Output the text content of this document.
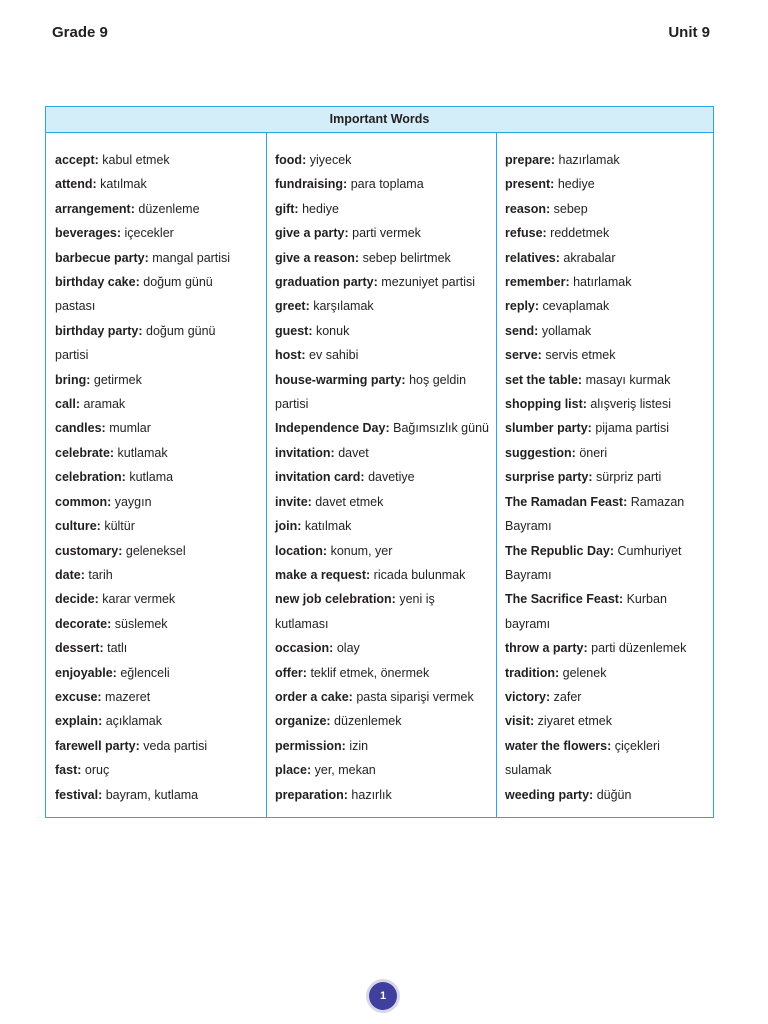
Grade 9	Unit 9
Important Words
accept: kabul etmek
attend: katılmak
arrangement: düzenleme
beverages: içecekler
barbecue party: mangal partisi
birthday cake: doğum günü
pastası
birthday party: doğum günü
partisi
bring: getirmek
call: aramak
candles: mumlar
celebrate: kutlamak
celebration: kutlama
common: yaygın
culture: kültür
customary: geleneksel
date: tarih
decide: karar vermek
decorate: süslemek
dessert: tatlı
enjoyable: eğlenceli
excuse: mazeret
explain: açıklamak
farewell party: veda partisi
fast: oruç
festival: bayram, kutlama
food: yiyecek
fundraising: para toplama
gift: hediye
give a party: parti vermek
give a reason: sebep belirtmek
graduation party: mezuniyet partisi
greet: karşılamak
guest: konuk
host: ev sahibi
house-warming party: hoş geldin
partisi
Independence Day: Bağımsızlık günü
invitation: davet
invitation card: davetiye
invite: davet etmek
join: katılmak
location: konum, yer
make a request: ricada bulunmak
new job celebration: yeni iş
kutlaması
occasion: olay
offer: teklif etmek, önermek
order a cake: pasta siparişi vermek
organize: düzenlemek
permission: izin
place: yer, mekan
preparation: hazırlık
prepare: hazırlamak
present: hediye
reason: sebep
refuse: reddetmek
relatives: akrabalar
remember: hatırlamak
reply: cevaplamak
send: yollamak
serve: servis etmek
set the table: masayı kurmak
shopping list: alışveriş listesi
slumber party: pijama partisi
suggestion: öneri
surprise party: sürpriz parti
The Ramadan Feast: Ramazan
Bayramı
The Republic Day: Cumhuriyet
Bayramı
The Sacrifice Feast: Kurban
bayramı
throw a party: parti düzenlemek
tradition: gelenek
victory: zafer
visit: ziyaret etmek
water the flowers: çiçekleri
sulamak
weeding party: düğün
1
